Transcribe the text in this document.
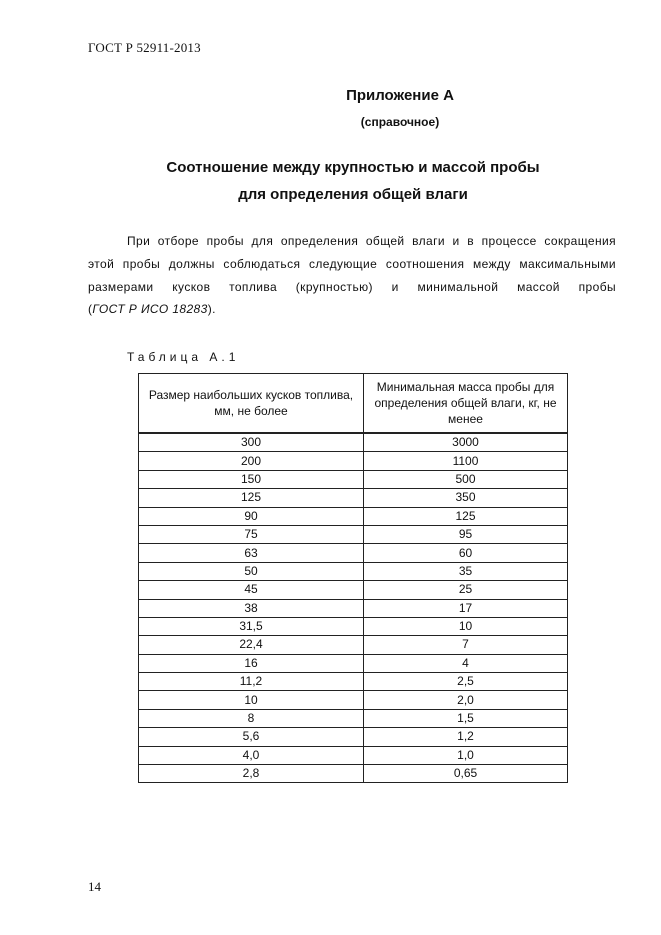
ГОСТ Р 52911-2013
Приложение А
(справочное)
Соотношение между крупностью и массой пробы
для определения общей влаги
При отборе пробы для определения общей влаги и в процессе сокращения
этой пробы должны соблюдаться следующие соотношения между максимальными
размерами кусков топлива (крупностью) и минимальной массой пробы
(ГОСТ Р ИСО 18283).
Таблица А.1
Размер наибольших кусков топлива, мм, не более	Минимальная масса пробы для определения общей влаги, кг, не менее
300	3000
200	1100
150	500
125	350
90	125
75	95
63	60
50	35
45	25
38	17
31,5	10
22,4	7
16	4
11,2	2,5
10	2,0
8	1,5
5,6	1,2
4,0	1,0
2,8	0,65
14
